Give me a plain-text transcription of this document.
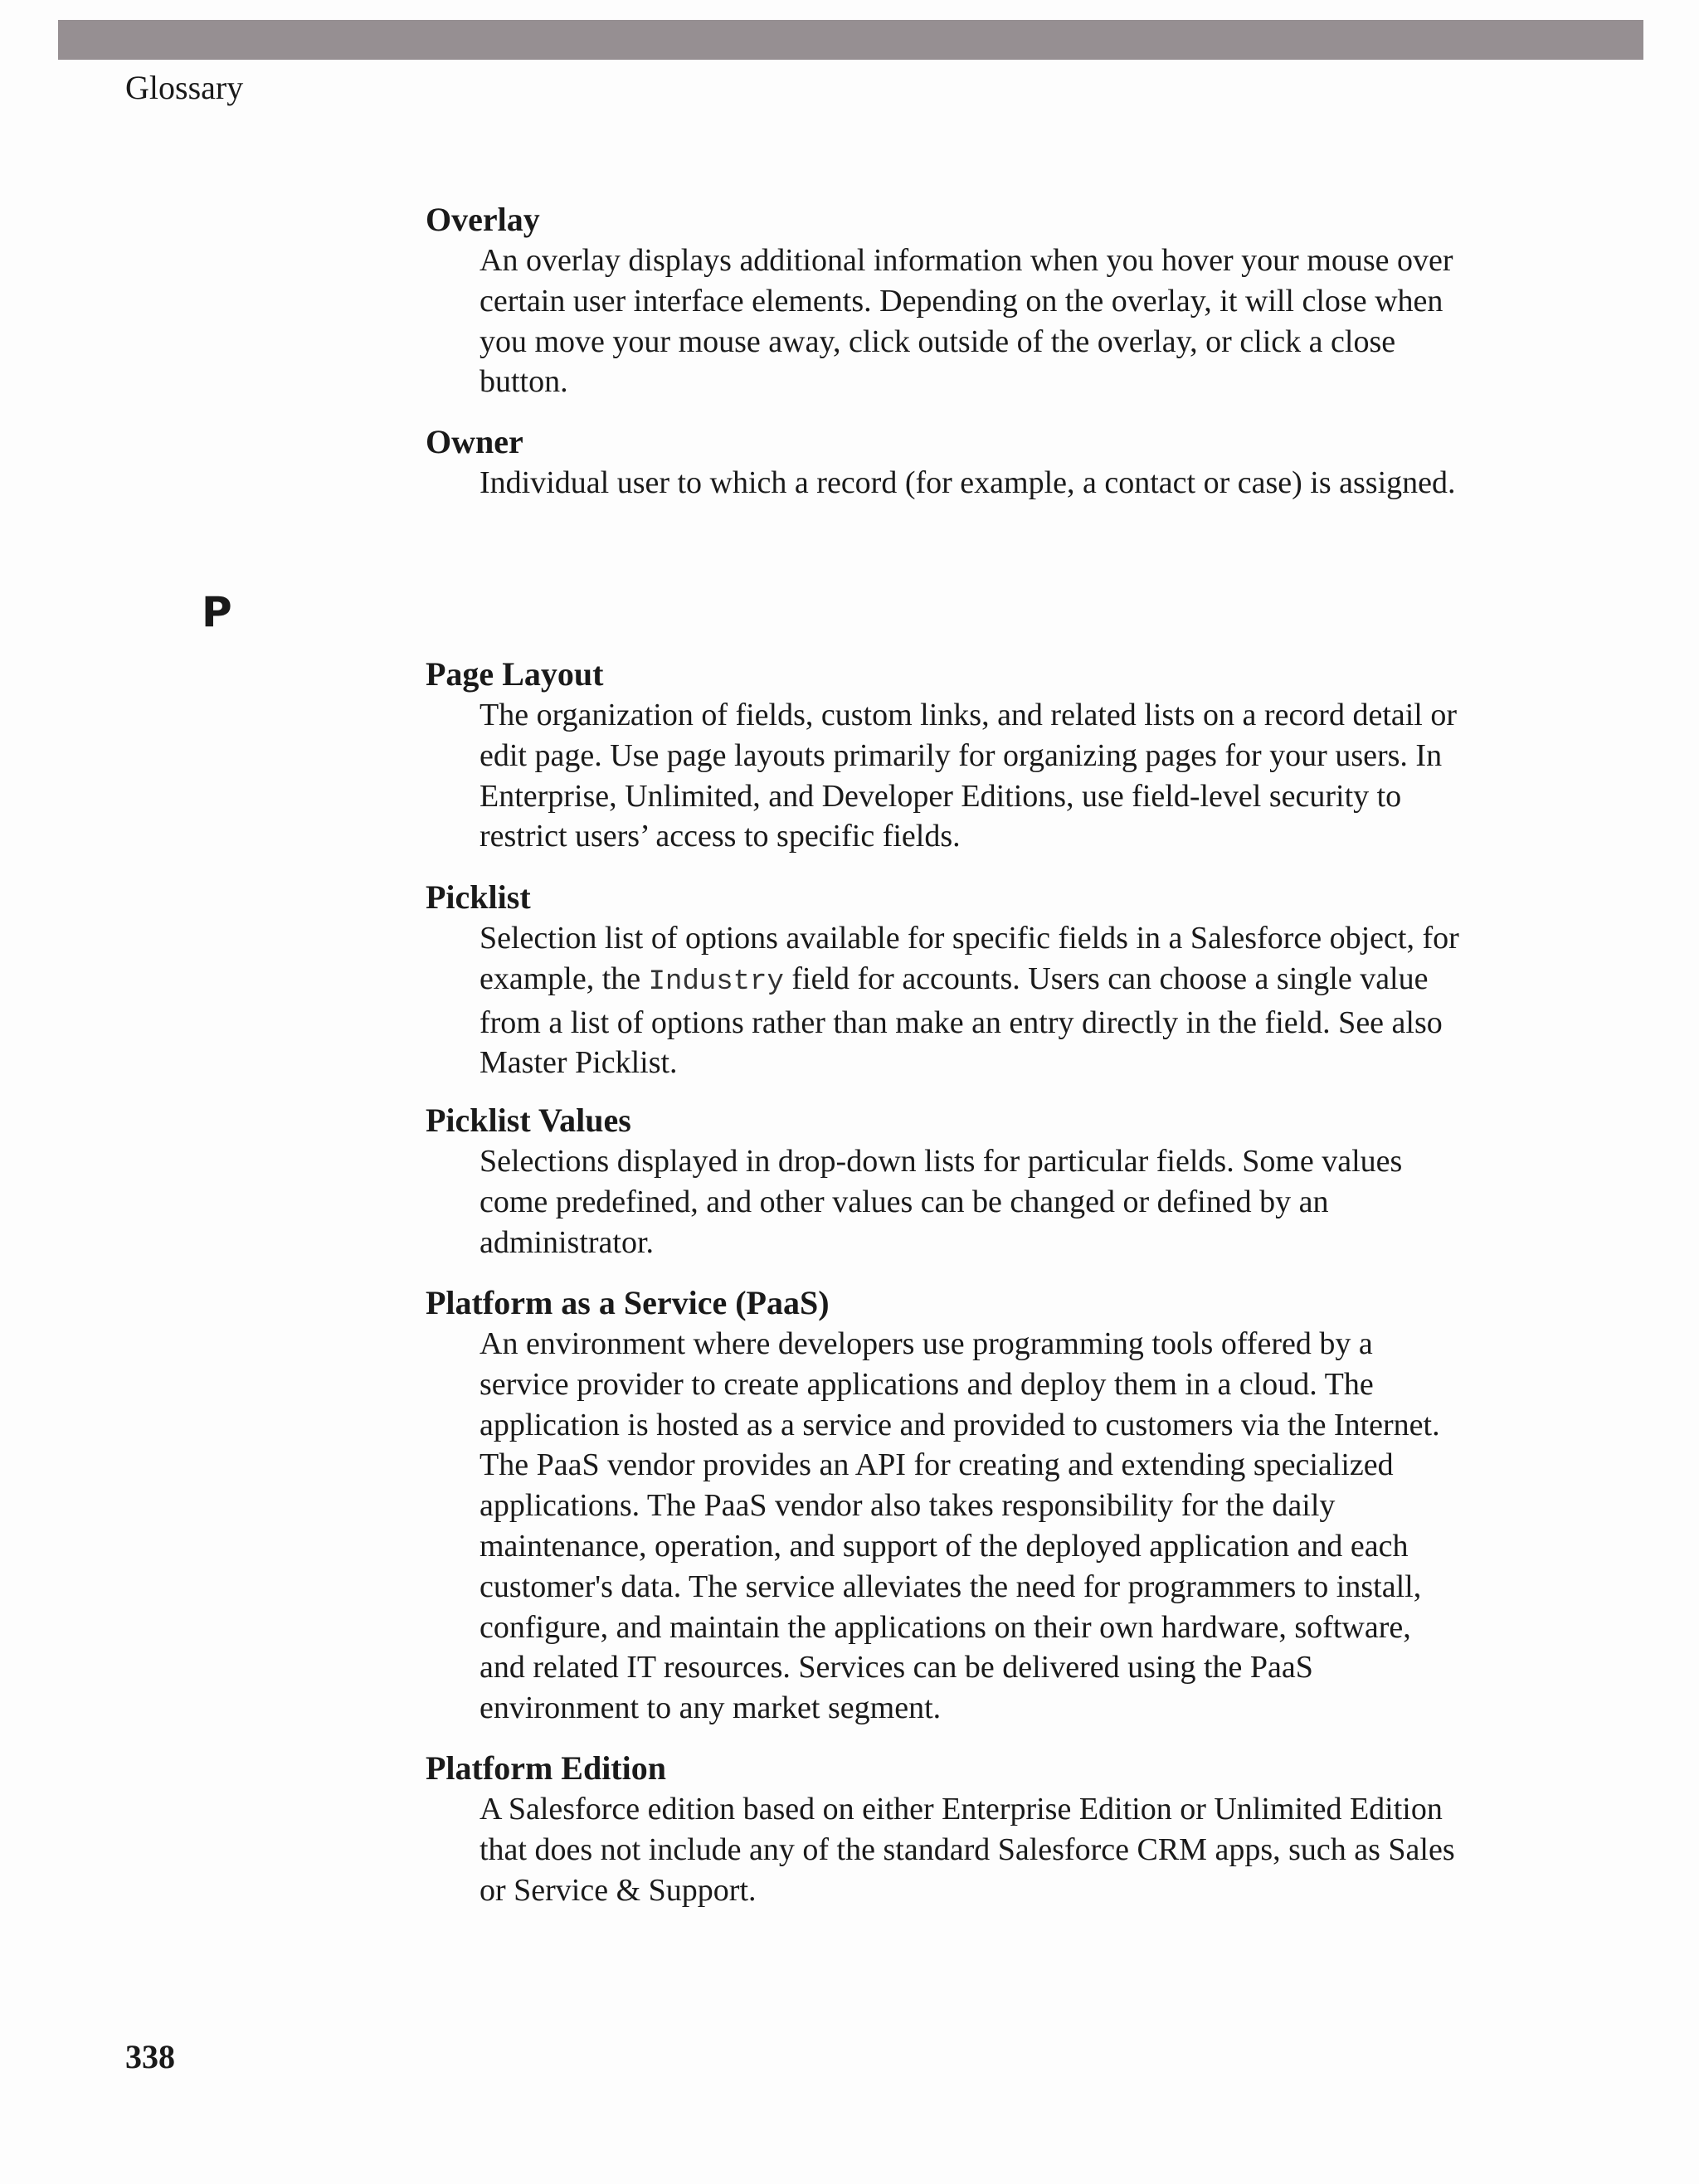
Glossary

Overlay

An overlay displays additional information when you hover your mouse over certain user interface elements. Depending on the overlay, it will close when you move your mouse away, click outside of the overlay, or click a close button.

Owner

Individual user to which a record (for example, a contact or case) is assigned.

P

Page Layout

The organization of fields, custom links, and related lists on a record detail or edit page. Use page layouts primarily for organizing pages for your users. In Enterprise, Unlimited, and Developer Editions, use field-level security to restrict users’ access to specific fields.

Picklist

Selection list of options available for specific fields in a Salesforce object, for example, the Industry field for accounts. Users can choose a single value from a list of options rather than make an entry directly in the field. See also Master Picklist.

Picklist Values

Selections displayed in drop-down lists for particular fields. Some values come predefined, and other values can be changed or defined by an administrator.

Platform as a Service (PaaS)

An environment where developers use programming tools offered by a service provider to create applications and deploy them in a cloud. The application is hosted as a service and provided to customers via the Internet. The PaaS vendor provides an API for creating and extending specialized applications. The PaaS vendor also takes responsibility for the daily maintenance, operation, and support of the deployed application and each customer's data. The service alleviates the need for programmers to install, configure, and maintain the applications on their own hardware, software, and related IT resources. Services can be delivered using the PaaS environment to any market segment.

Platform Edition

A Salesforce edition based on either Enterprise Edition or Unlimited Edition that does not include any of the standard Salesforce CRM apps, such as Sales or Service & Support.

338
